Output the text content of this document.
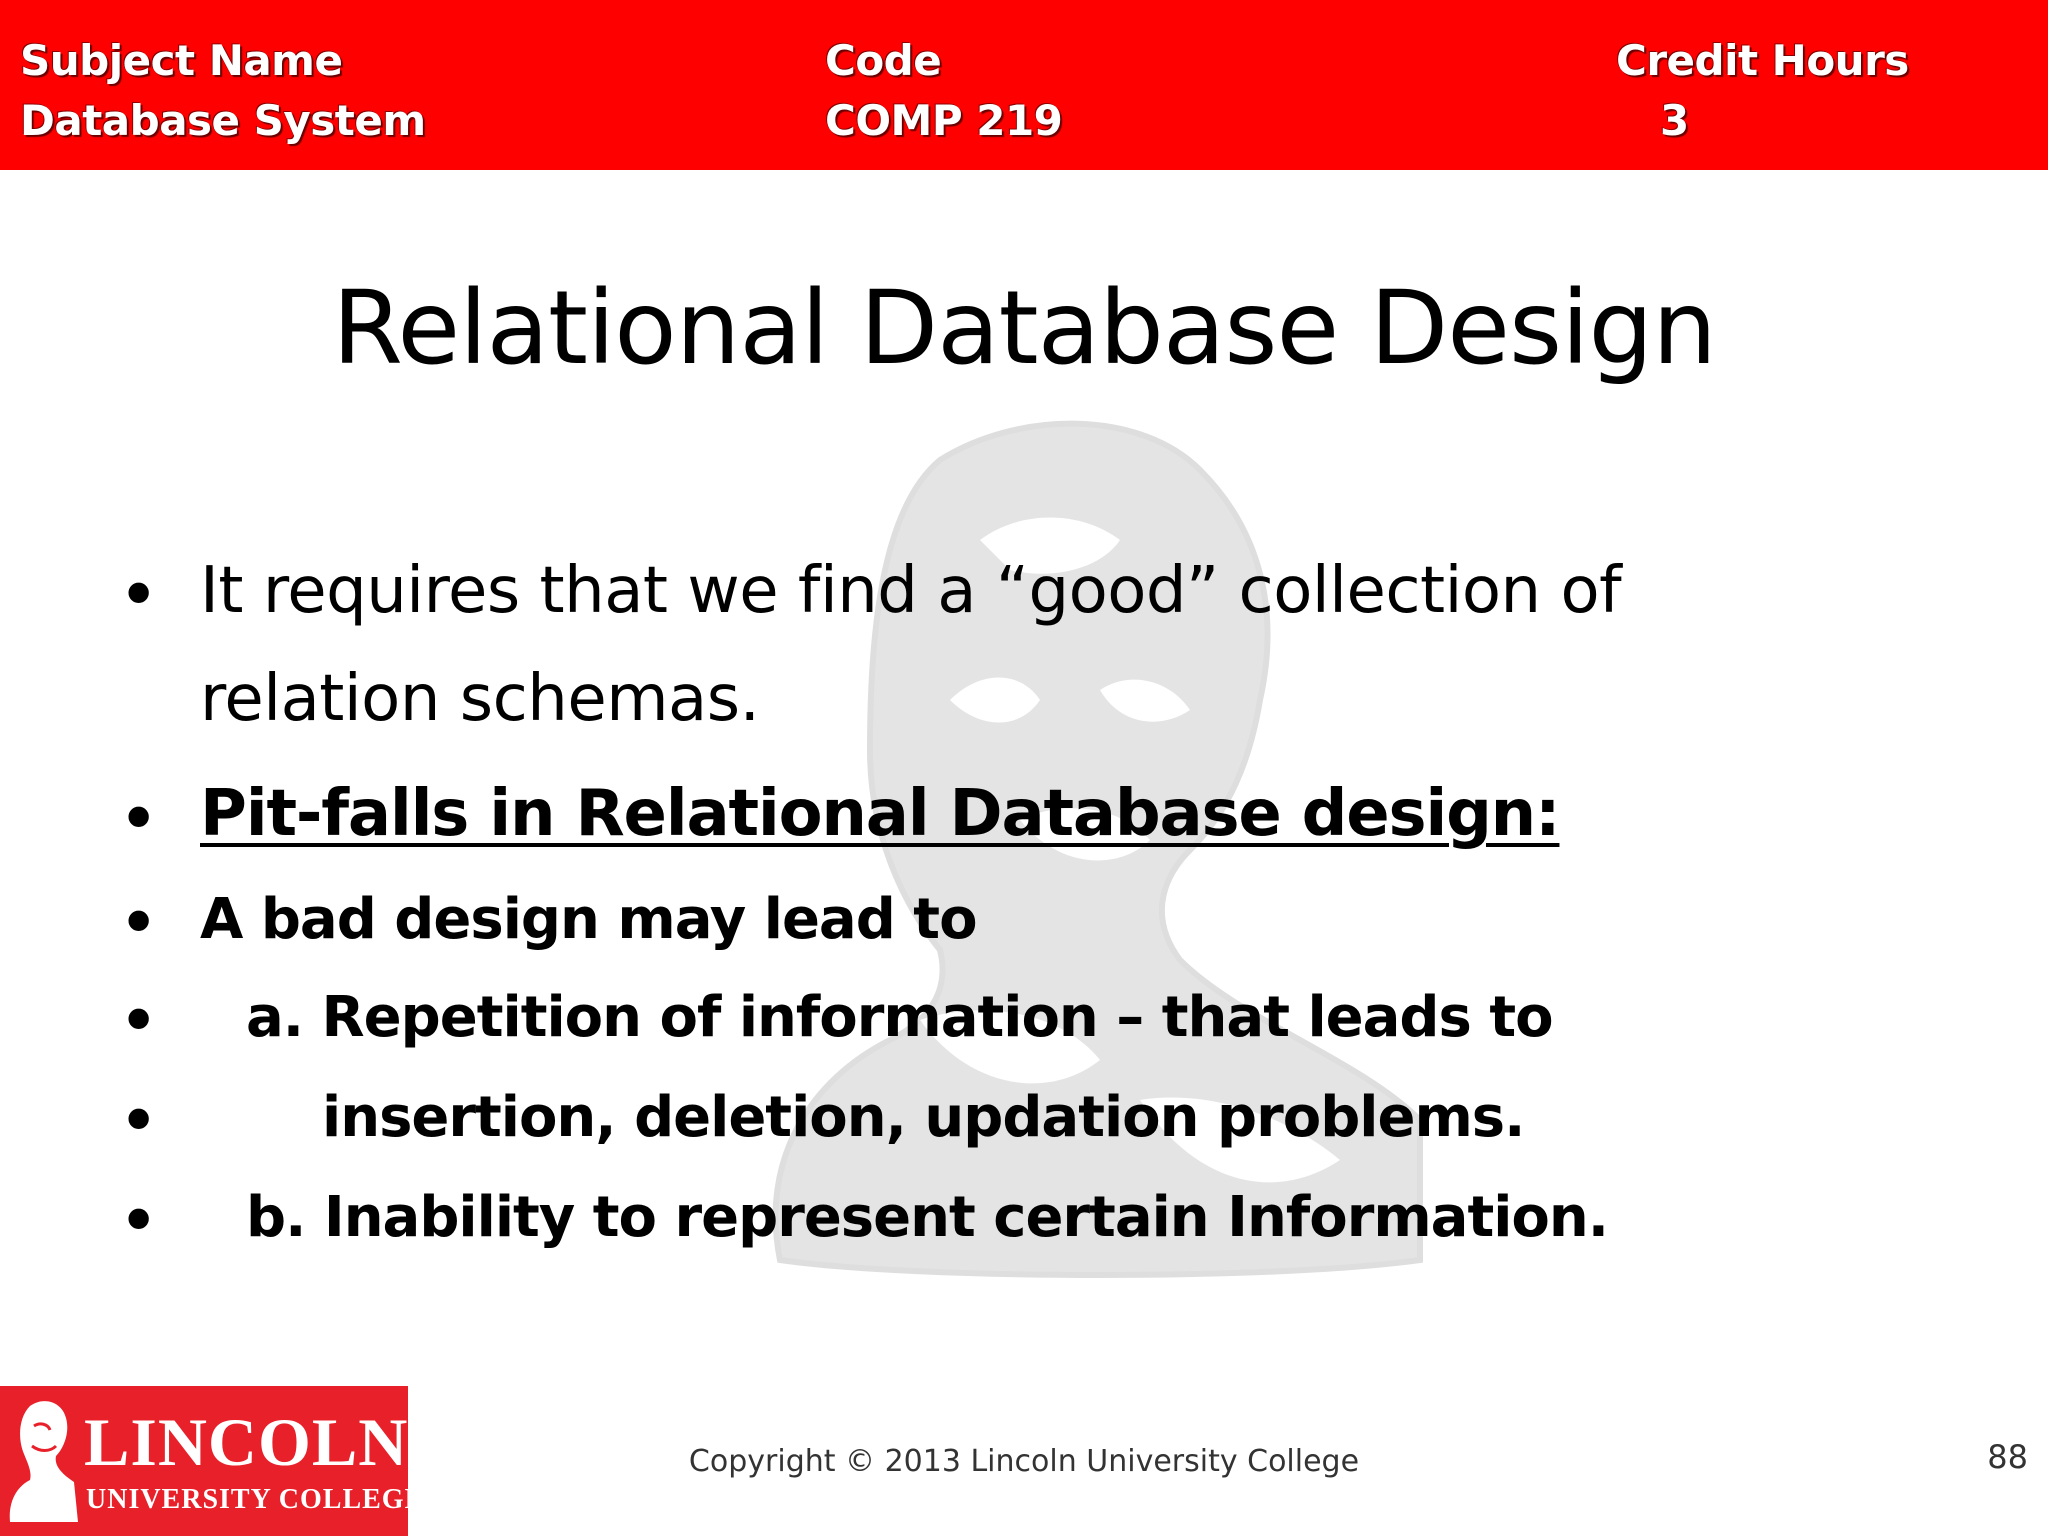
Subject Name
Database System
Code
COMP 219
Credit Hours
3
Relational Database Design
• It requires that we find a “good” collection of
relation schemas.
• Pit-falls in Relational Database design:
• A bad design may lead to
• a. Repetition of information – that leads to
•	insertion, deletion, updation problems.
• b. Inability to represent certain Information.
LINCOLN
UNIVERSITY COLLEGE
Copyright © 2013 Lincoln University College	88
